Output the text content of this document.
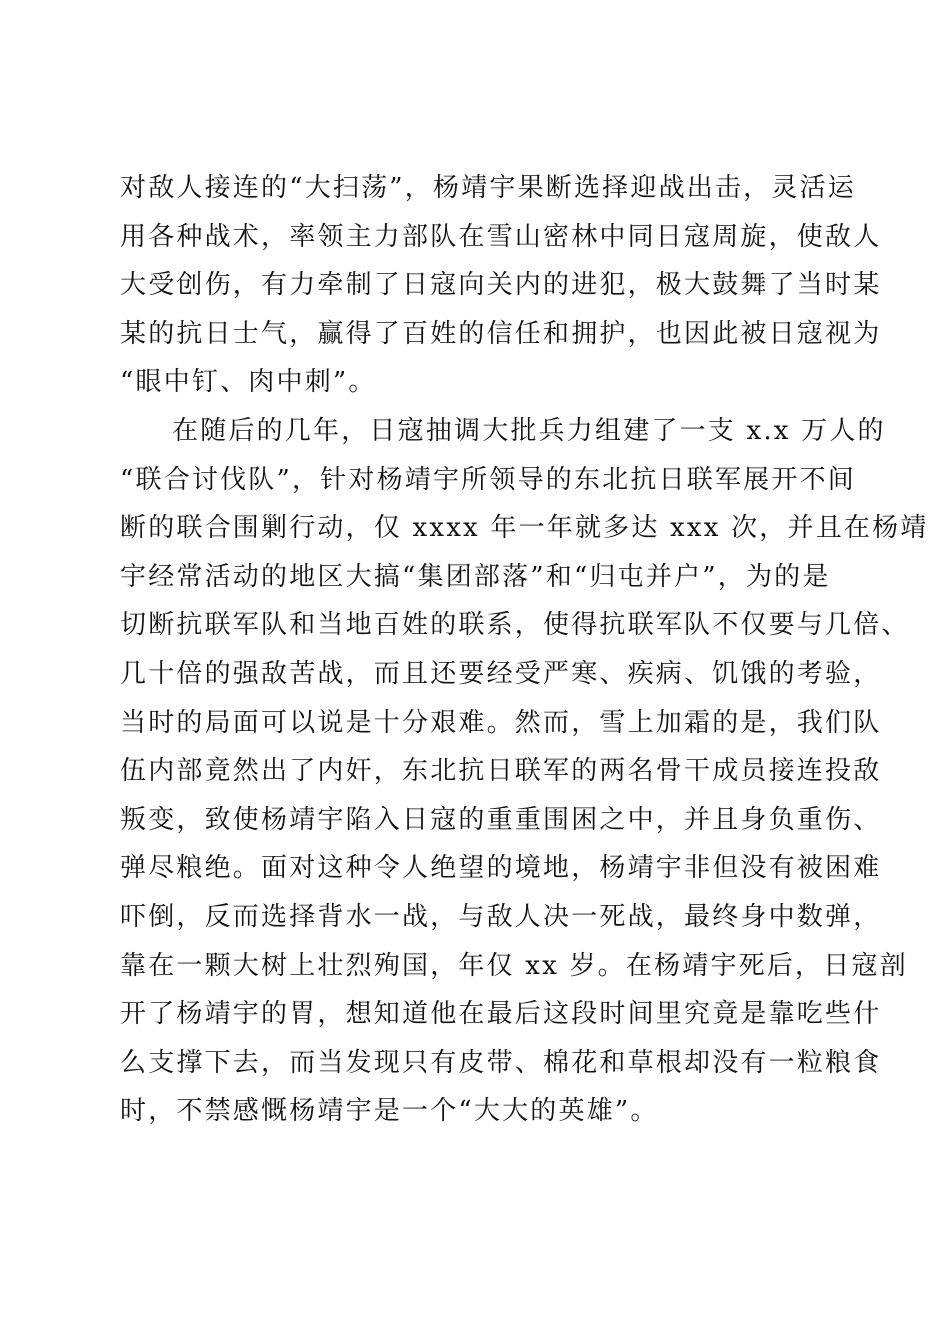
对敌人接连的“大扫荡”，杨靖宇果断选择迎战出击，灵活运
用各种战术，率领主力部队在雪山密林中同日寇周旋，使敌人
大受创伤，有力牵制了日寇向关内的进犯，极大鼓舞了当时某
某的抗日士气，赢得了百姓的信任和拥护，也因此被日寇视为
“眼中钉、肉中刺”。
在随后的几年，日寇抽调大批兵力组建了一支 x.x 万人的
“联合讨伐队”，针对杨靖宇所领导的东北抗日联军展开不间
断的联合围剿行动，仅 xxxx 年一年就多达 xxx 次，并且在杨靖
宇经常活动的地区大搞“集团部落”和“归屯并户”，为的是
切断抗联军队和当地百姓的联系，使得抗联军队不仅要与几倍、
几十倍的强敌苦战，而且还要经受严寒、疾病、饥饿的考验，
当时的局面可以说是十分艰难。然而，雪上加霜的是，我们队
伍内部竟然出了内奸，东北抗日联军的两名骨干成员接连投敌
叛变，致使杨靖宇陷入日寇的重重围困之中，并且身负重伤、
弹尽粮绝。面对这种令人绝望的境地，杨靖宇非但没有被困难
吓倒，反而选择背水一战，与敌人决一死战，最终身中数弹，
靠在一颗大树上壮烈殉国，年仅 xx 岁。在杨靖宇死后，日寇剖
开了杨靖宇的胃，想知道他在最后这段时间里究竟是靠吃些什
么支撑下去，而当发现只有皮带、棉花和草根却没有一粒粮食
时，不禁感慨杨靖宇是一个“大大的英雄”。
